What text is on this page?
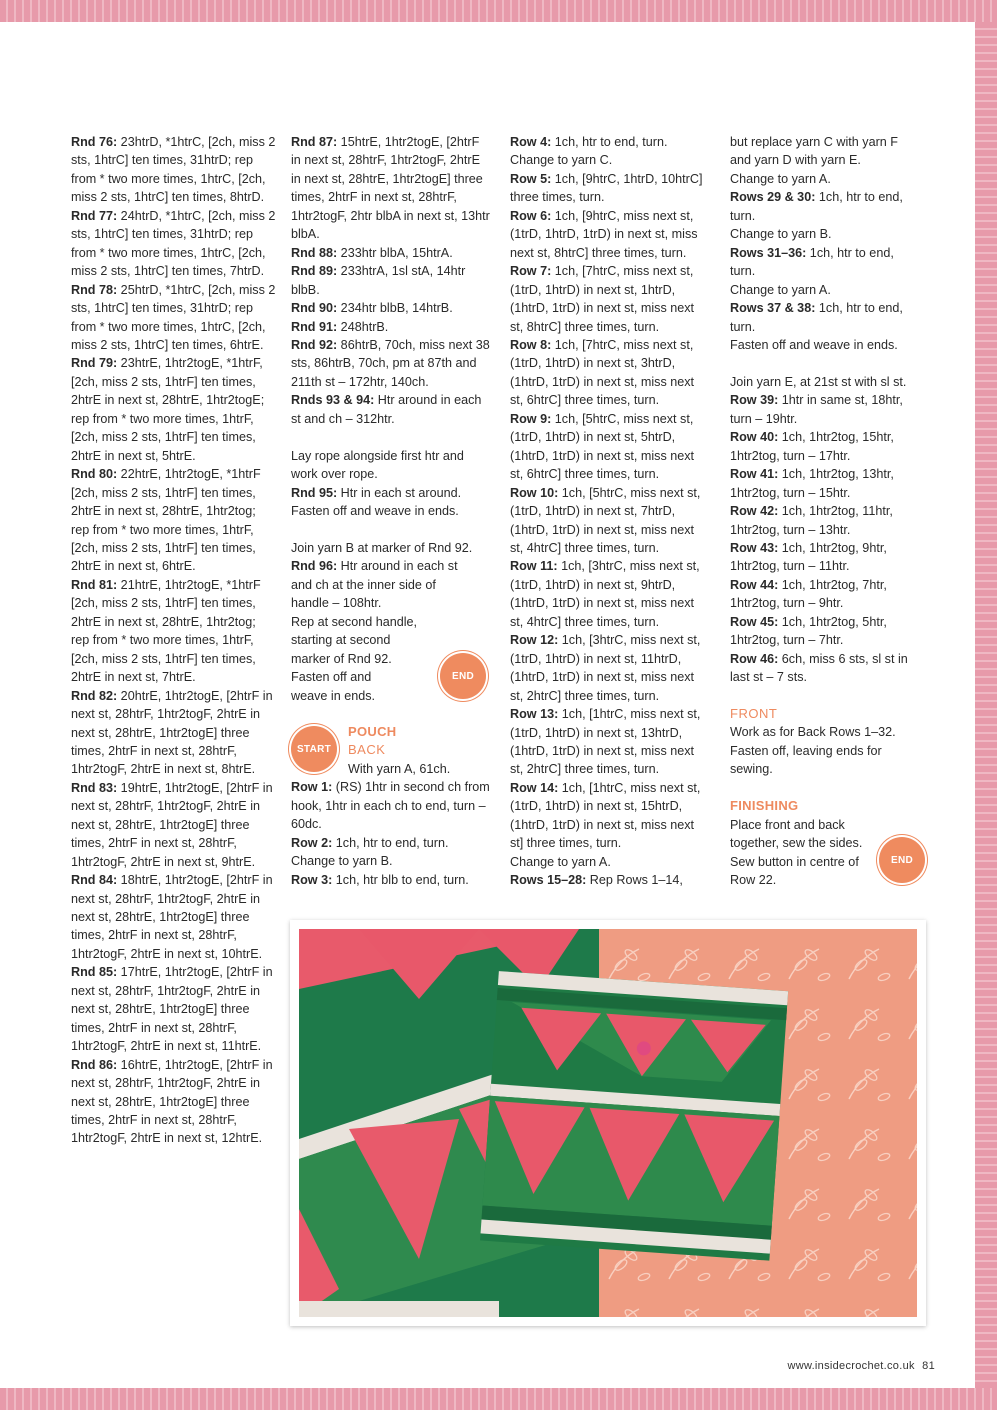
Rnd 76: 23htrD, *1htrC, [2ch, miss 2 sts, 1htrC] ten times, 31htrD; rep from * two more times, 1htrC, [2ch, miss 2 sts, 1htrC] ten times, 8htrD.

Rnd 77: 24htrD, *1htrC, [2ch, miss 2 sts, 1htrC] ten times, 31htrD; rep from * two more times, 1htrC, [2ch, miss 2 sts, 1htrC] ten times, 7htrD.

Rnd 78: 25htrD, *1htrC, [2ch, miss 2 sts, 1htrC] ten times, 31htrD; rep from * two more times, 1htrC, [2ch, miss 2 sts, 1htrC] ten times, 6htrE.

Rnd 79: 23htrE, 1htr2togE, *1htrF, [2ch, miss 2 sts, 1htrF] ten times, 2htrE in next st, 28htrE, 1htr2togE; rep from * two more times, 1htrF, [2ch, miss 2 sts, 1htrF] ten times, 2htrE in next st, 5htrE.

Rnd 80: 22htrE, 1htr2togE, *1htrF [2ch, miss 2 sts, 1htrF] ten times, 2htrE in next st, 28htrE, 1htr2tog; rep from * two more times, 1htrF, [2ch, miss 2 sts, 1htrF] ten times, 2htrE in next st, 6htrE.

Rnd 81: 21htrE, 1htr2togE, *1htrF [2ch, miss 2 sts, 1htrF] ten times, 2htrE in next st, 28htrE, 1htr2tog; rep from * two more times, 1htrF, [2ch, miss 2 sts, 1htrF] ten times, 2htrE in next st, 7htrE.

Rnd 82: 20htrE, 1htr2togE, [2htrF in next st, 28htrF, 1htr2togF, 2htrE in next st, 28htrE, 1htr2togE] three times, 2htrF in next st, 28htrF, 1htr2togF, 2htrE in next st, 8htrE.

Rnd 83: 19htrE, 1htr2togE, [2htrF in next st, 28htrF, 1htr2togF, 2htrE in next st, 28htrE, 1htr2togE] three times, 2htrF in next st, 28htrF, 1htr2togF, 2htrE in next st, 9htrE.

Rnd 84: 18htrE, 1htr2togE, [2htrF in next st, 28htrF, 1htr2togF, 2htrE in next st, 28htrE, 1htr2togE] three times, 2htrF in next st, 28htrF, 1htr2togF, 2htrE in next st, 10htrE.

Rnd 85: 17htrE, 1htr2togE, [2htrF in next st, 28htrF, 1htr2togF, 2htrE in next st, 28htrE, 1htr2togE] three times, 2htrF in next st, 28htrF, 1htr2togF, 2htrE in next st, 11htrE.

Rnd 86: 16htrE, 1htr2togE, [2htrF in next st, 28htrF, 1htr2togF, 2htrE in next st, 28htrE, 1htr2togE] three times, 2htrF in next st, 28htrF, 1htr2togF, 2htrE in next st, 12htrE.

Rnd 87: 15htrE, 1htr2togE, [2htrF in next st, 28htrF, 1htr2togF, 2htrE in next st, 28htrE, 1htr2togE] three times, 2htrF in next st, 28htrF, 1htr2togF, 2htr blbA in next st, 13htr blbA.

Rnd 88: 233htr blbA, 15htrA.

Rnd 89: 233htrA, 1sl stA, 14htr blbB.

Rnd 90: 234htr blbB, 14htrB.

Rnd 91: 248htrB.

Rnd 92: 86htrB, 70ch, miss next 38 sts, 86htrB, 70ch, pm at 87th and 211th st – 172htr, 140ch.

Rnds 93 & 94: Htr around in each st and ch – 312htr.

Lay rope alongside first htr and work over rope.

Rnd 95: Htr in each st around.

Fasten off and weave in ends.

Join yarn B at marker of Rnd 92.

Rnd 96: Htr around in each st and ch at the inner side of handle – 108htr.

Rep at second handle, starting at second marker of Rnd 92.

Fasten off and weave in ends.

POUCH

BACK

With yarn A, 61ch.

Row 1: (RS) 1htr in second ch from hook, 1htr in each ch to end, turn – 60dc.

Row 2: 1ch, htr to end, turn. Change to yarn B.

Row 3: 1ch, htr blb to end, turn.

END
START

Row 4: 1ch, htr to end, turn. Change to yarn C.

Row 5: 1ch, [9htrC, 1htrD, 10htrC] three times, turn.

Row 6: 1ch, [9htrC, miss next st, (1trD, 1htrD, 1trD) in next st, miss next st, 8htrC] three times, turn.

Row 7: 1ch, [7htrC, miss next st, (1trD, 1htrD) in next st, 1htrD, (1htrD, 1trD) in next st, miss next st, 8htrC] three times, turn.

Row 8: 1ch, [7htrC, miss next st, (1trD, 1htrD) in next st, 3htrD, (1htrD, 1trD) in next st, miss next st, 6htrC] three times, turn.

Row 9: 1ch, [5htrC, miss next st, (1trD, 1htrD) in next st, 5htrD, (1htrD, 1trD) in next st, miss next st, 6htrC] three times, turn.

Row 10: 1ch, [5htrC, miss next st, (1trD, 1htrD) in next st, 7htrD, (1htrD, 1trD) in next st, miss next st, 4htrC] three times, turn.

Row 11: 1ch, [3htrC, miss next st, (1trD, 1htrD) in next st, 9htrD, (1htrD, 1trD) in next st, miss next st, 4htrC] three times, turn.

Row 12: 1ch, [3htrC, miss next st, (1trD, 1htrD) in next st, 11htrD, (1htrD, 1trD) in next st, miss next st, 2htrC] three times, turn.

Row 13: 1ch, [1htrC, miss next st, (1trD, 1htrD) in next st, 13htrD, (1htrD, 1trD) in next st, miss next st, 2htrC] three times, turn.

Row 14: 1ch, [1htrC, miss next st, (1trD, 1htrD) in next st, 15htrD, (1htrD, 1trD) in next st, miss next st] three times, turn.

Change to yarn A.

Rows 15–28: Rep Rows 1–14,

but replace yarn C with yarn F and yarn D with yarn E.

Change to yarn A.

Rows 29 & 30: 1ch, htr to end, turn.

Change to yarn B.

Rows 31–36: 1ch, htr to end, turn.

Change to yarn A.

Rows 37 & 38: 1ch, htr to end, turn.

Fasten off and weave in ends.

Join yarn E, at 21st st with sl st.

Row 39: 1htr in same st, 18htr, turn – 19htr.

Row 40: 1ch, 1htr2tog, 15htr, 1htr2tog, turn – 17htr.

Row 41: 1ch, 1htr2tog, 13htr, 1htr2tog, turn – 15htr.

Row 42: 1ch, 1htr2tog, 11htr, 1htr2tog, turn – 13htr.

Row 43: 1ch, 1htr2tog, 9htr, 1htr2tog, turn – 11htr.

Row 44: 1ch, 1htr2tog, 7htr, 1htr2tog, turn – 9htr.

Row 45: 1ch, 1htr2tog, 5htr, 1htr2tog, turn – 7htr.

Row 46: 6ch, miss 6 sts, sl st in last st – 7 sts.

FRONT

Work as for Back Rows 1–32. Fasten off, leaving ends for sewing.

FINISHING

Place front and back together, sew the sides. Sew button in centre of Row 22.

END
www.insidecrochet.co.uk 81
